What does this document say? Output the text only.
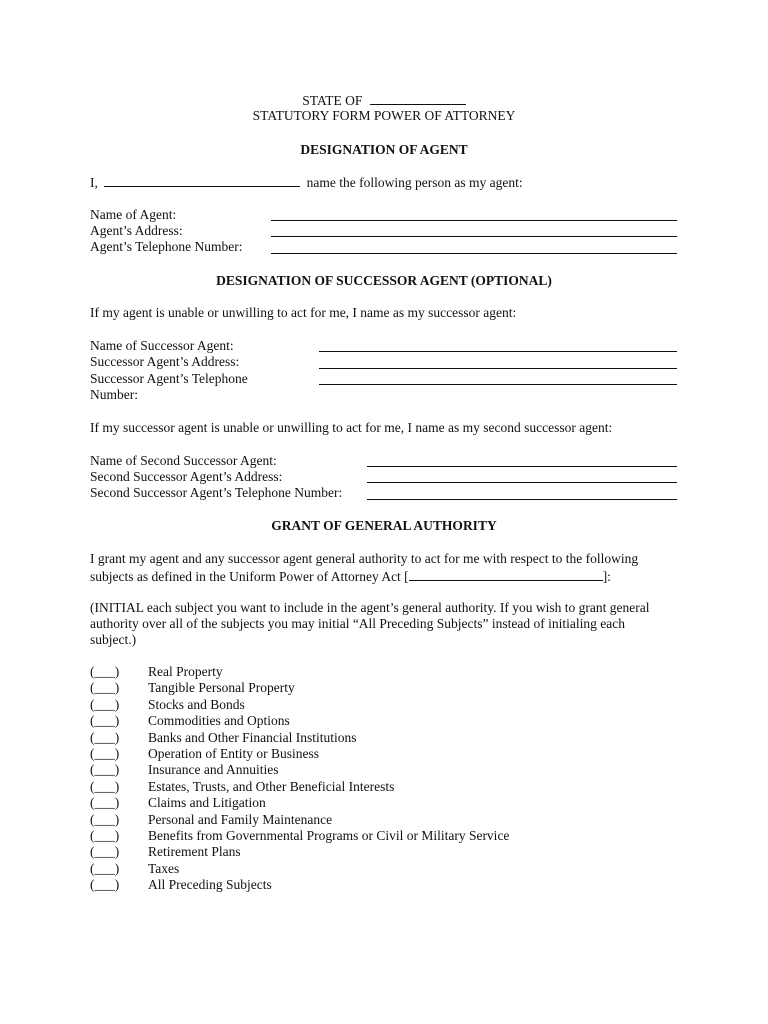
STATE OF
STATUTORY FORM POWER OF ATTORNEY
DESIGNATION OF AGENT
I,	name the following person as my agent:
Name of Agent:
Agent’s Address:
Agent’s Telephone Number:
DESIGNATION OF SUCCESSOR AGENT (OPTIONAL)
If my agent is unable or unwilling to act for me, I name as my successor agent:
Name of Successor Agent:
Successor Agent’s Address:
Successor Agent’s Telephone
Number:
If my successor agent is unable or unwilling to act for me, I name as my second successor agent:
Name of Second Successor Agent:
Second Successor Agent’s Address:
Second Successor Agent’s Telephone Number:
GRANT OF GENERAL AUTHORITY
I grant my agent and any successor agent general authority to act for me with respect to the following
subjects as defined in the Uniform Power of Attorney Act [	]:
(INITIAL each subject you want to include in the agent’s general authority. If you wish to grant general
authority over all of the subjects you may initial “All Preceding Subjects” instead of initialing each
subject.)
(___) Real Property
(___) Tangible Personal Property
(___) Stocks and Bonds
(___) Commodities and Options
(___) Banks and Other Financial Institutions
(___) Operation of Entity or Business
(___) Insurance and Annuities
(___) Estates, Trusts, and Other Beneficial Interests
(___) Claims and Litigation
(___) Personal and Family Maintenance
(___) Benefits from Governmental Programs or Civil or Military Service
(___) Retirement Plans
(___) Taxes
(___) All Preceding Subjects
